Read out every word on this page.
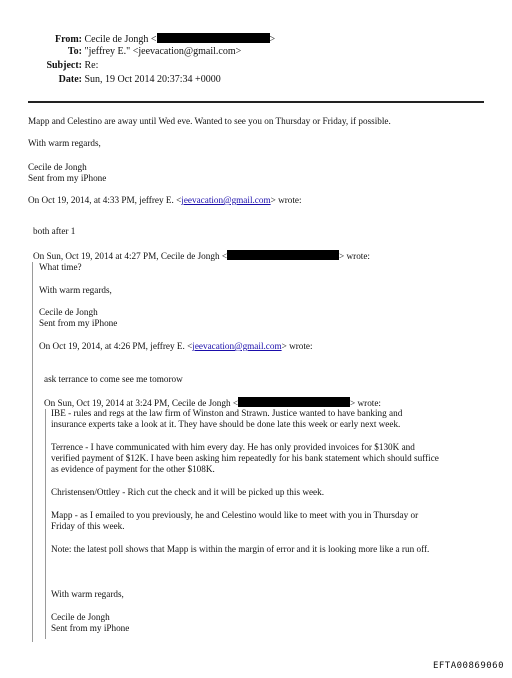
From: Cecile de Jongh <	>
To: "jeffrey E." <jeevacation@gmail.com>
Subject: Re:
Date: Sun, 19 Oct 2014 20:37:34 +0000
Mapp and Celestino are away until Wed eve. Wanted to see you on Thursday or Friday, if possible.
With warm regards,
Cecile de Jongh
Sent from my iPhone
On Oct 19, 2014, at 4:33 PM, jeffrey E. <jeevacation@gmail.com> wrote:
both after 1
On Sun, Oct 19, 2014 at 4:27 PM, Cecile de Jongh <	> wrote:
What time?
With warm regards,
Cecile de Jongh
Sent from my iPhone
On Oct 19, 2014, at 4:26 PM, jeffrey E. <jeevacation@gmail.com> wrote:
ask terrance to come see me tomorow
On Sun, Oct 19, 2014 at 3:24 PM, Cecile de Jongh <	> wrote:
IBE - rules and regs at the law firm of Winston and Strawn. Justice wanted to have banking and
insurance experts take a look at it. They have should be done late this week or early next week.
Terrence - I have communicated with him every day. He has only provided invoices for $130K and
verified payment of $12K. I have been asking him repeatedly for his bank statement which should suffice
as evidence of payment for the other $108K.
Christensen/Ottley - Rich cut the check and it will be picked up this week.
Mapp - as I emailed to you previously, he and Celestino would like to meet with you in Thursday or
Friday of this week.
Note: the latest poll shows that Mapp is within the margin of error and it is looking more like a run off.
With warm regards,
Cecile de Jongh
Sent from my iPhone
EFTA00869060
